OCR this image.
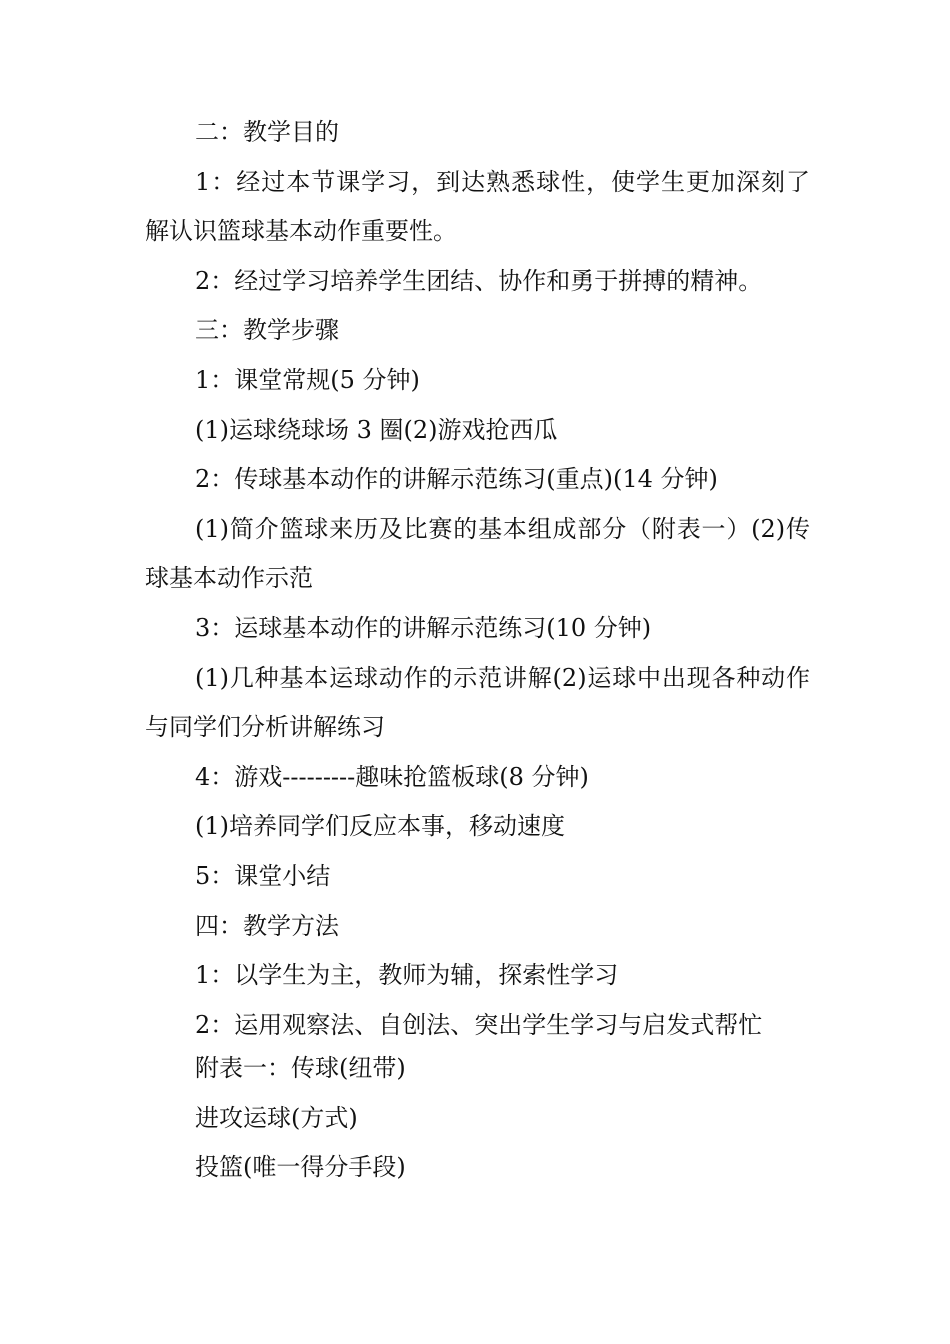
二：教学目的

1：经过本节课学习，到达熟悉球性，使学生更加深刻了解认识篮球基本动作重要性。

2：经过学习培养学生团结、协作和勇于拼搏的精神。

三：教学步骤

1：课堂常规(5 分钟)

(1)运球绕球场 3 圈(2)游戏抢西瓜

2：传球基本动作的讲解示范练习(重点)(14 分钟)

(1)简介篮球来历及比赛的基本组成部分（附表一）(2)传球基本动作示范

3：运球基本动作的讲解示范练习(10 分钟)

(1)几种基本运球动作的示范讲解(2)运球中出现各种动作与同学们分析讲解练习

4：游戏---------趣味抢篮板球(8 分钟)

(1)培养同学们反应本事，移动速度

5：课堂小结

四：教学方法

1：以学生为主，教师为辅，探索性学习

2：运用观察法、自创法、突出学生学习与启发式帮忙

附表一：传球(纽带)

进攻运球(方式)

投篮(唯一得分手段)
